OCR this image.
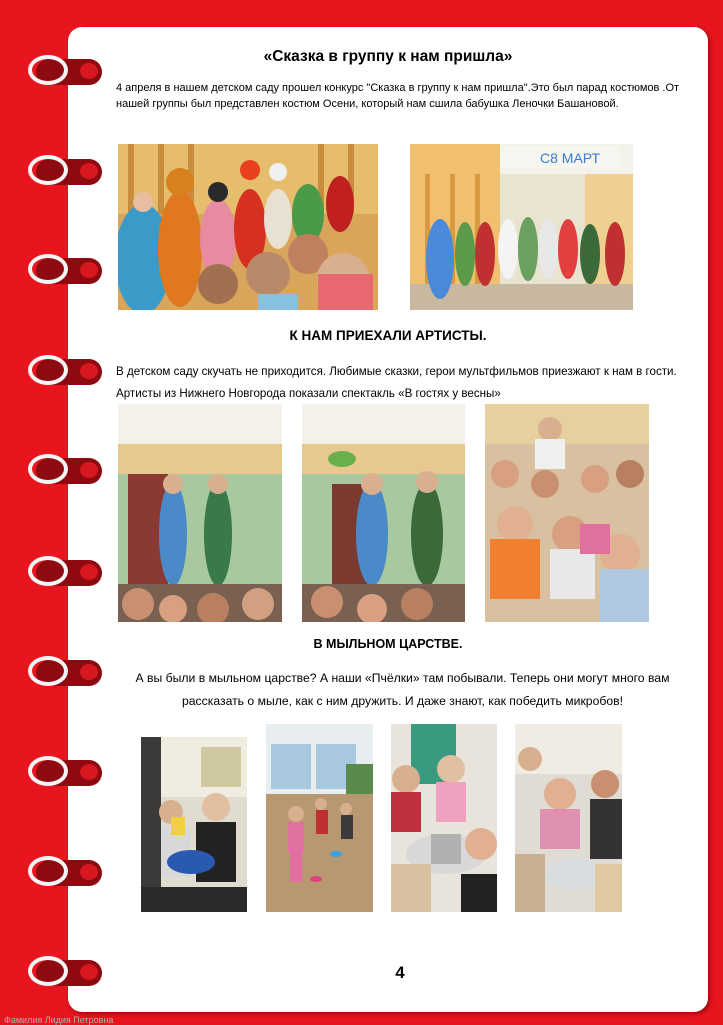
«Сказка в группу к нам пришла»
4 апреля в нашем детском саду прошел конкурс "Сказка в группу к нам пришла".Это был парад костюмов .От нашей группы был представлен костюм Осени, который нам сшила бабушка Леночки Башановой.
С8 МАРТ
К НАМ ПРИЕХАЛИ АРТИСТЫ.
В детском саду скучать не приходится. Любимые сказки, герои мультфильмов приезжают к нам в гости. Артисты из Нижнего Новгорода показали спектакль «В гостях у весны»
В МЫЛЬНОМ ЦАРСТВЕ.
А вы были в мыльном царстве? А наши «Пчёлки» там побывали. Теперь они могут много вам рассказать о мыле, как с ним дружить. И даже знают, как победить микробов!
4
Фамилия Лидия Петровна
